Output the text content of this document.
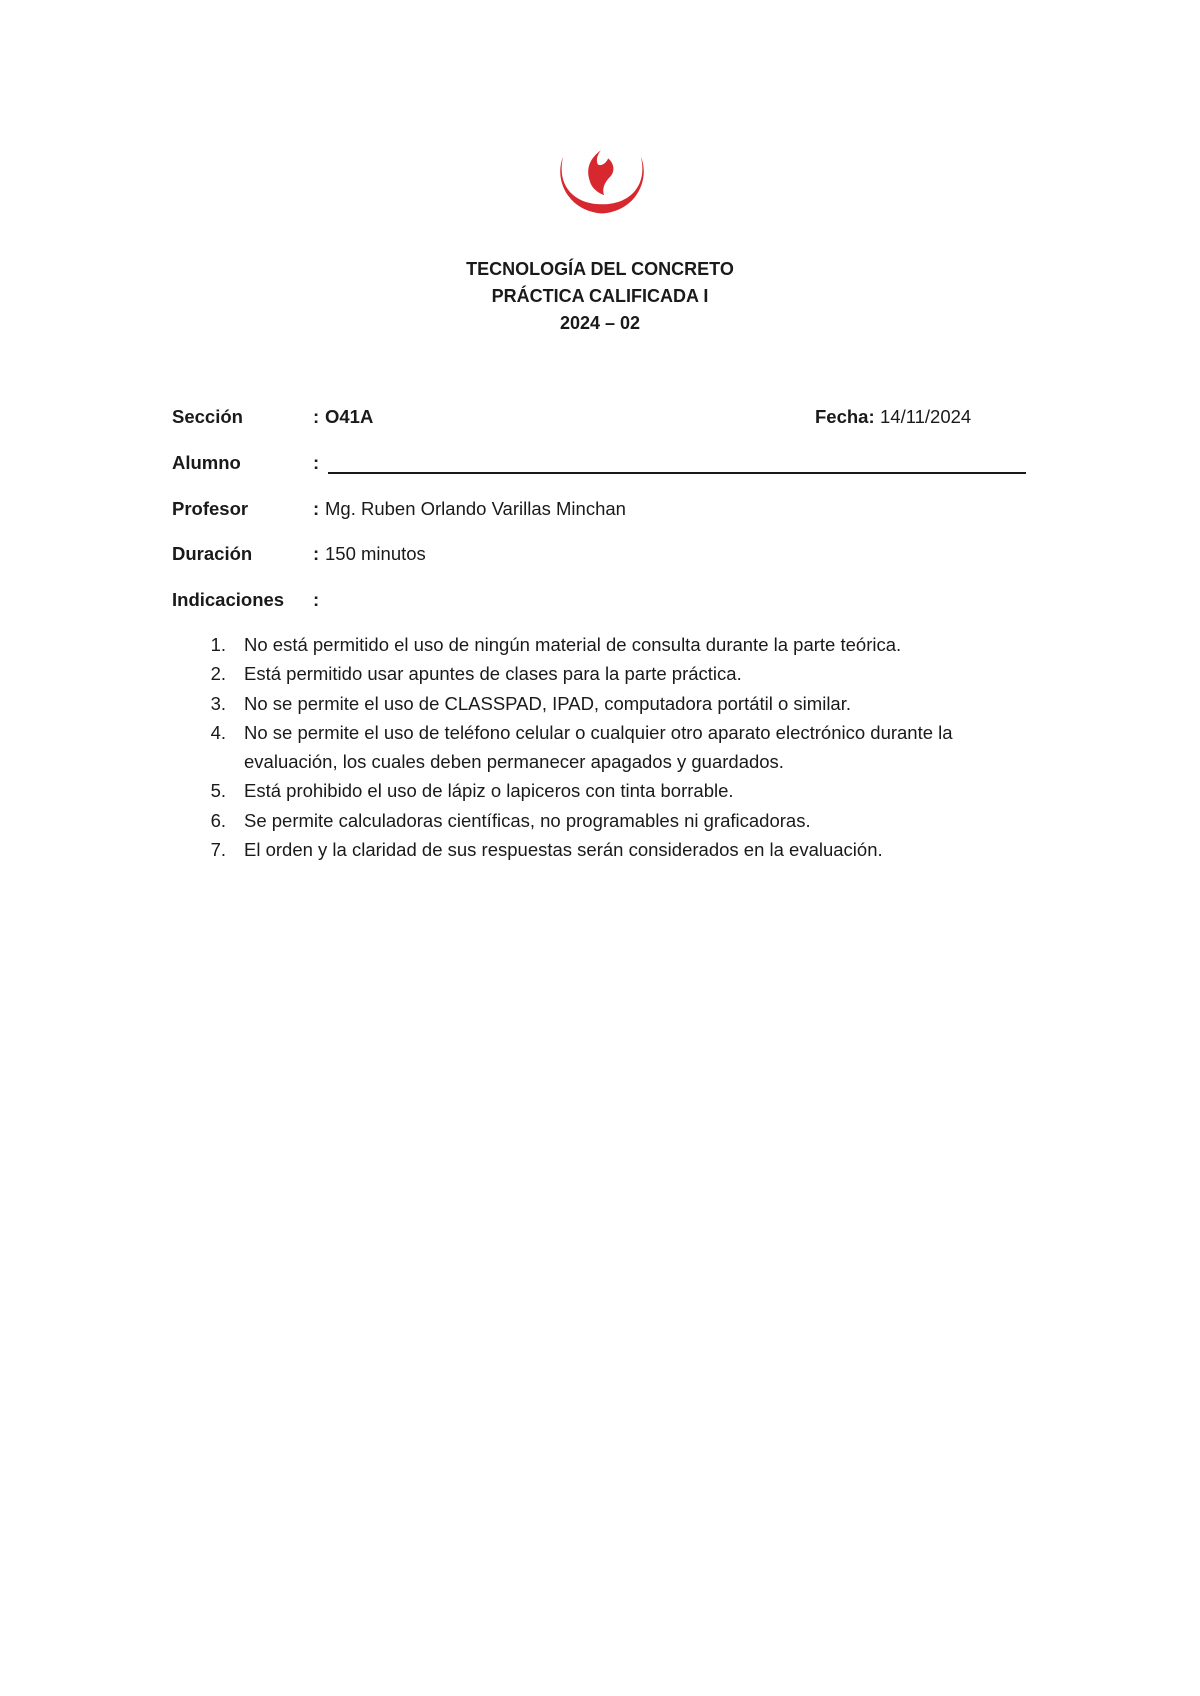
TECNOLOGÍA DEL CONCRETO
PRÁCTICA CALIFICADA I
2024 – 02
Sección	: O41A	Fecha: 14/11/2024
Alumno	:
Profesor	: Mg. Ruben Orlando Varillas Minchan
Duración	: 150 minutos
Indicaciones :
1. No está permitido el uso de ningún material de consulta durante la parte teórica.
2. Está permitido usar apuntes de clases para la parte práctica.
3. No se permite el uso de CLASSPAD, IPAD, computadora portátil o similar.
4. No se permite el uso de teléfono celular o cualquier otro aparato electrónico durante la evaluación, los cuales deben permanecer apagados y guardados.
5. Está prohibido el uso de lápiz o lapiceros con tinta borrable.
6. Se permite calculadoras científicas, no programables ni graficadoras.
7. El orden y la claridad de sus respuestas serán considerados en la evaluación.
